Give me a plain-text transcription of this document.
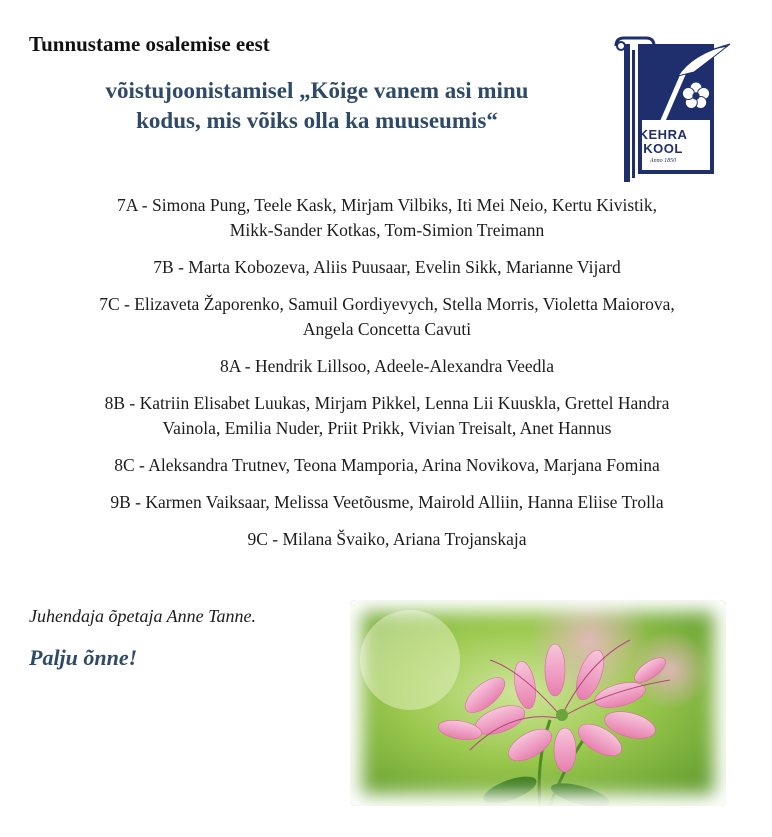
Tunnustame osalemise eest
võistujoonistamisel „Kõige vanem asi minu
kodus, mis võiks olla ka muuseumis“
KEHRA
KOOL
Anno 1850
7A - Simona Pung, Teele Kask, Mirjam Vilbiks, Iti Mei Neio, Kertu Kivistik,
Mikk-Sander Kotkas, Tom-Simion Treimann
7B - Marta Kobozeva, Aliis Puusaar, Evelin Sikk, Marianne Vijard
7C - Elizaveta Žaporenko, Samuil Gordiyevych, Stella Morris, Violetta Maiorova,
Angela Concetta Cavuti
8A - Hendrik Lillsoo, Adeele-Alexandra Veedla
8B - Katriin Elisabet Luukas, Mirjam Pikkel, Lenna Lii Kuuskla, Grettel Handra
Vainola, Emilia Nuder, Priit Prikk, Vivian Treisalt, Anet Hannus
8C - Aleksandra Trutnev, Teona Mamporia, Arina Novikova, Marjana Fomina
9B - Karmen Vaiksaar, Melissa Veetõusme, Mairold Alliin, Hanna Eliise Trolla
9C - Milana Švaiko, Ariana Trojanskaja
Juhendaja õpetaja Anne Tanne.
Palju õnne!
